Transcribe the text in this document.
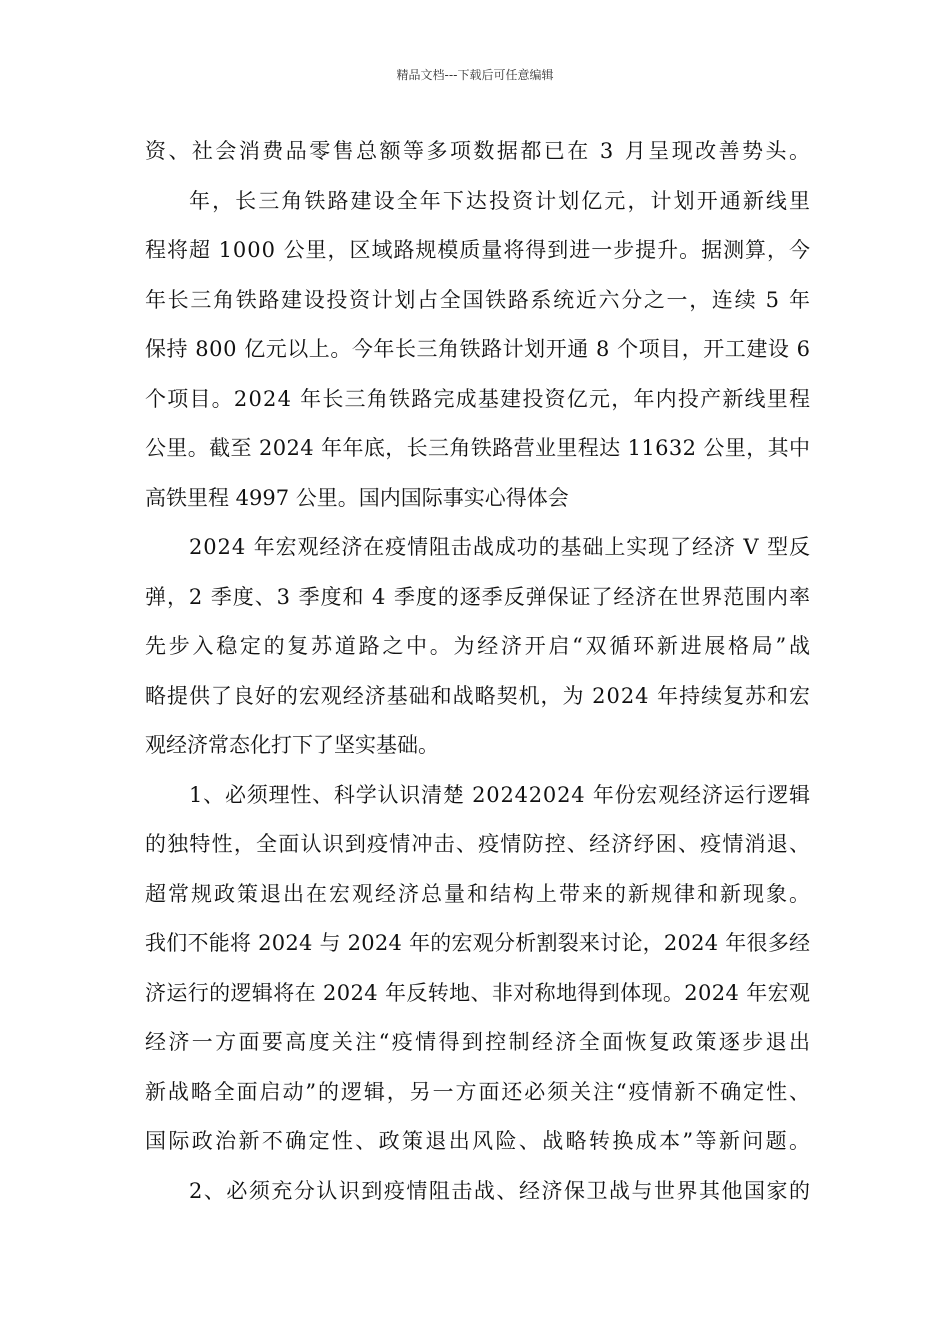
精品文档---下载后可任意编辑
资、社会消费品零售总额等多项数据都已在 3 月呈现改善势头。
年，长三角铁路建设全年下达投资计划亿元，计划开通新线里
程将超 1000 公里，区域路规模质量将得到进一步提升。据测算，今
年长三角铁路建设投资计划占全国铁路系统近六分之一，连续 5 年
保持 800 亿元以上。今年长三角铁路计划开通 8 个项目，开工建设 6
个项目。2024 年长三角铁路完成基建投资亿元，年内投产新线里程
公里。截至 2024 年年底，长三角铁路营业里程达 11632 公里，其中
高铁里程 4997 公里。国内国际事实心得体会
2024 年宏观经济在疫情阻击战成功的基础上实现了经济 V 型反
弹，2 季度、3 季度和 4 季度的逐季反弹保证了经济在世界范围内率
先步入稳定的复苏道路之中。为经济开启“双循环新进展格局”战
略提供了良好的宏观经济基础和战略契机，为 2024 年持续复苏和宏
观经济常态化打下了坚实基础。
1、必须理性、科学认识清楚 20242024 年份宏观经济运行逻辑
的独特性，全面认识到疫情冲击、疫情防控、经济纾困、疫情消退、
超常规政策退出在宏观经济总量和结构上带来的新规律和新现象。
我们不能将 2024 与 2024 年的宏观分析割裂来讨论，2024 年很多经
济运行的逻辑将在 2024 年反转地、非对称地得到体现。2024 年宏观
经济一方面要高度关注“疫情得到控制经济全面恢复政策逐步退出
新战略全面启动”的逻辑，另一方面还必须关注“疫情新不确定性、
国际政治新不确定性、政策退出风险、战略转换成本”等新问题。
2、必须充分认识到疫情阻击战、经济保卫战与世界其他国家的
